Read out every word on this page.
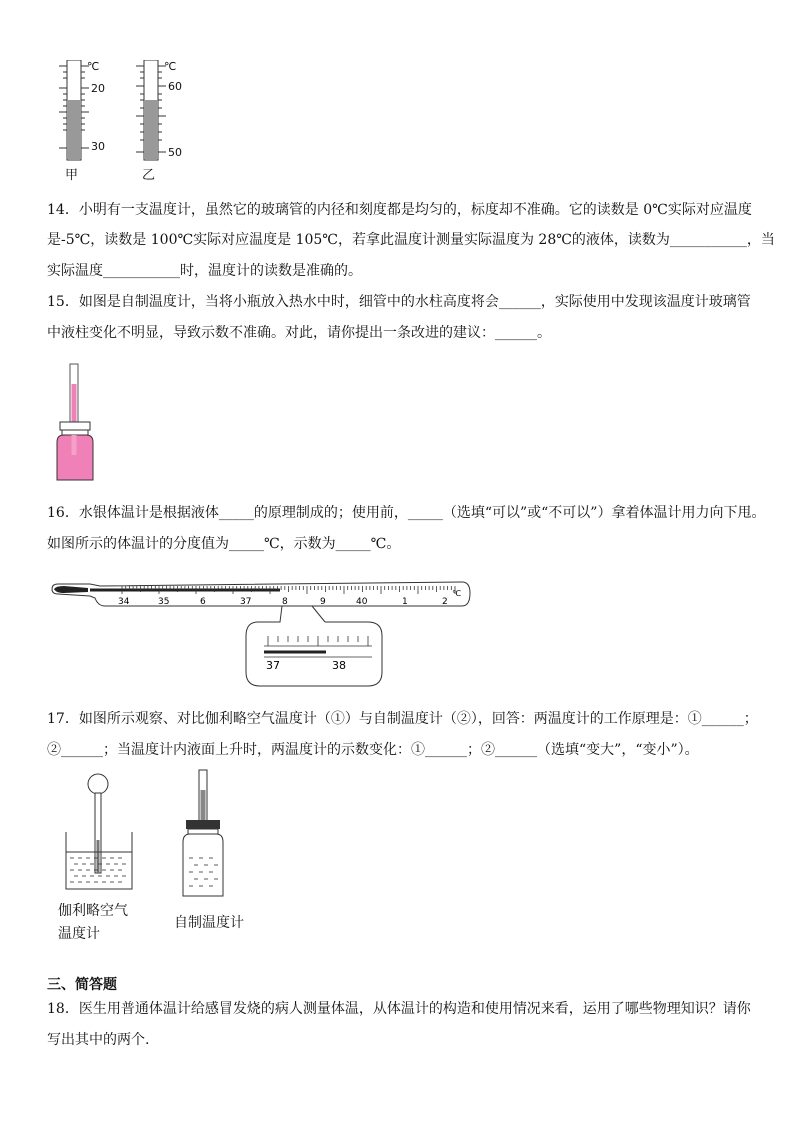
℃
20
30
甲
℃
60
50
乙
14．小明有一支温度计，虽然它的玻璃管的内径和刻度都是均匀的，标度却不准确。它的读数是 0℃实际对应温度
是-5℃，读数是 100℃实际对应温度是 105℃，若拿此温度计测量实际温度为 28℃的液体，读数为___________，当
实际温度___________时，温度计的读数是准确的。
15．如图是自制温度计，当将小瓶放入热水中时，细管中的水柱高度将会______，实际使用中发现该温度计玻璃管
中液柱变化不明显，导致示数不准确。对此，请你提出一条改进的建议：______。
16．水银体温计是根据液体_____的原理制成的；使用前，_____（选填“可以”或“不可以”）拿着体温计用力向下甩。
如图所示的体温计的分度值为_____℃，示数为_____℃。
34	35	6	37	8	9	40	1	2
℃
37	38
17．如图所示观察、对比伽利略空气温度计（①）与自制温度计（②），回答：两温度计的工作原理是：①______；
②______；当温度计内液面上升时，两温度计的示数变化：①______；②______（选填“变大”，“变小”）。
伽利略空气
温度计
自制温度计
三、简答题
18．医生用普通体温计给感冒发烧的病人测量体温，从体温计的构造和使用情况来看，运用了哪些物理知识？请你
写出其中的两个.
